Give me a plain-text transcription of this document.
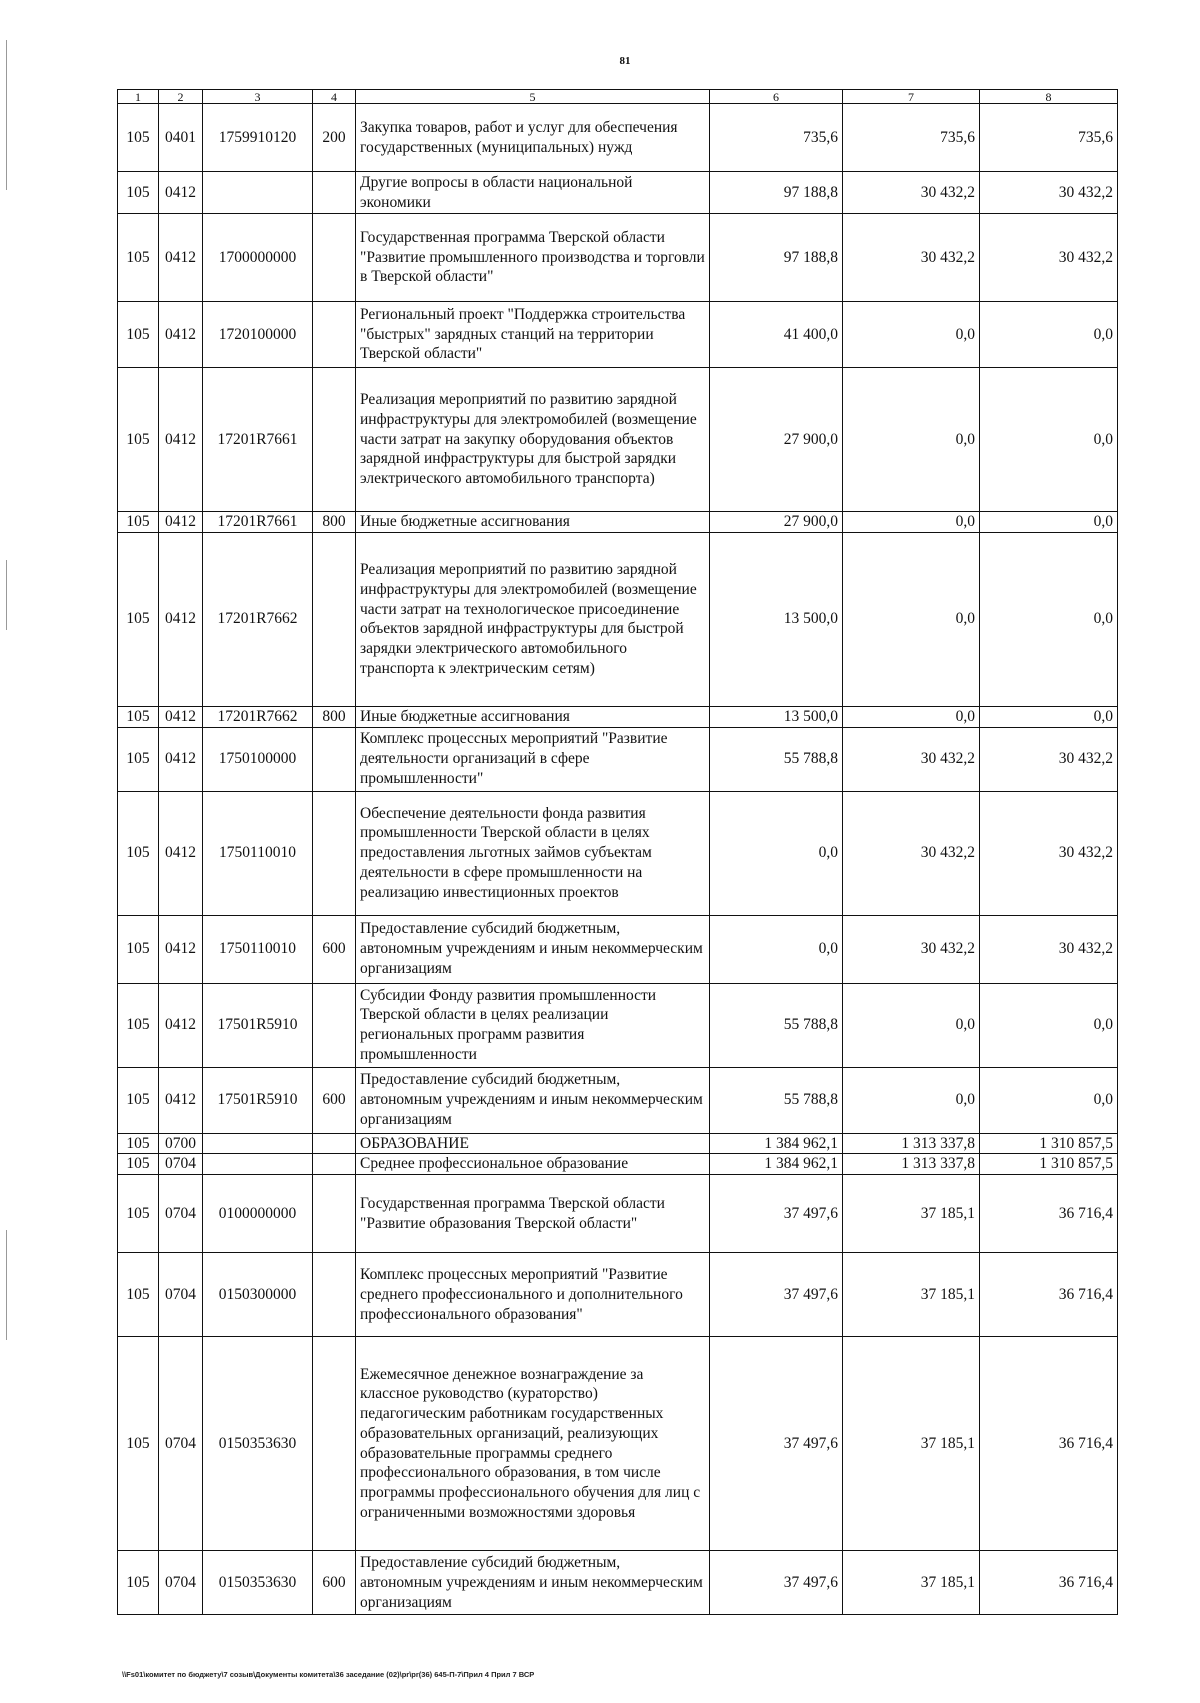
81
1	2	3	4	5	6	7	8
105	0401	1759910120	200	Закупка товаров, работ и услуг для обеспечения государственных (муниципальных) нужд	735,6	735,6	735,6
105	0412			Другие вопросы в области национальной экономики	97 188,8	30 432,2	30 432,2
105	0412	1700000000		Государственная программа Тверской области "Развитие промышленного производства и торговли в Тверской области"	97 188,8	30 432,2	30 432,2
105	0412	1720100000		Региональный проект "Поддержка строительства "быстрых" зарядных станций на территории Тверской области"	41 400,0	0,0	0,0
105	0412	17201R7661		Реализация мероприятий по развитию зарядной инфраструктуры для электромобилей (возмещение части затрат на закупку оборудования объектов зарядной инфраструктуры для быстрой зарядки электрического автомобильного транспорта)	27 900,0	0,0	0,0
105	0412	17201R7661	800	Иные бюджетные ассигнования	27 900,0	0,0	0,0
105	0412	17201R7662		Реализация мероприятий по развитию зарядной инфраструктуры для электромобилей (возмещение части затрат на технологическое присоединение объектов зарядной инфраструктуры для быстрой зарядки электрического автомобильного транспорта к электрическим сетям)	13 500,0	0,0	0,0
105	0412	17201R7662	800	Иные бюджетные ассигнования	13 500,0	0,0	0,0
105	0412	1750100000		Комплекс процессных мероприятий "Развитие деятельности организаций в сфере промышленности"	55 788,8	30 432,2	30 432,2
105	0412	1750110010		Обеспечение деятельности фонда развития промышленности Тверской области в целях предоставления льготных займов субъектам деятельности в сфере промышленности на реализацию инвестиционных проектов	0,0	30 432,2	30 432,2
105	0412	1750110010	600	Предоставление субсидий бюджетным, автономным учреждениям и иным некоммерческим организациям	0,0	30 432,2	30 432,2
105	0412	17501R5910		Субсидии Фонду развития промышленности Тверской области в целях реализации региональных программ развития промышленности	55 788,8	0,0	0,0
105	0412	17501R5910	600	Предоставление субсидий бюджетным, автономным учреждениям и иным некоммерческим организациям	55 788,8	0,0	0,0
105	0700			ОБРАЗОВАНИЕ	1 384 962,1	1 313 337,8	1 310 857,5
105	0704			Среднее профессиональное образование	1 384 962,1	1 313 337,8	1 310 857,5
105	0704	0100000000		Государственная программа Тверской области "Развитие образования Тверской области"	37 497,6	37 185,1	36 716,4
105	0704	0150300000		Комплекс процессных мероприятий "Развитие среднего профессионального и дополнительного профессионального образования"	37 497,6	37 185,1	36 716,4
105	0704	0150353630		Ежемесячное денежное вознаграждение за классное руководство (кураторство) педагогическим работникам государственных образовательных организаций, реализующих образовательные программы среднего профессионального образования, в том числе программы профессионального обучения для лиц с ограниченными возможностями здоровья	37 497,6	37 185,1	36 716,4
105	0704	0150353630	600	Предоставление субсидий бюджетным, автономным учреждениям и иным некоммерческим организациям	37 497,6	37 185,1	36 716,4
\\Fs01\комитет по бюджету\7 созыв\Документы комитета\36 заседание (02)\pr\pr(36) 645-П-7\Прил 4 Прил 7 ВСР
